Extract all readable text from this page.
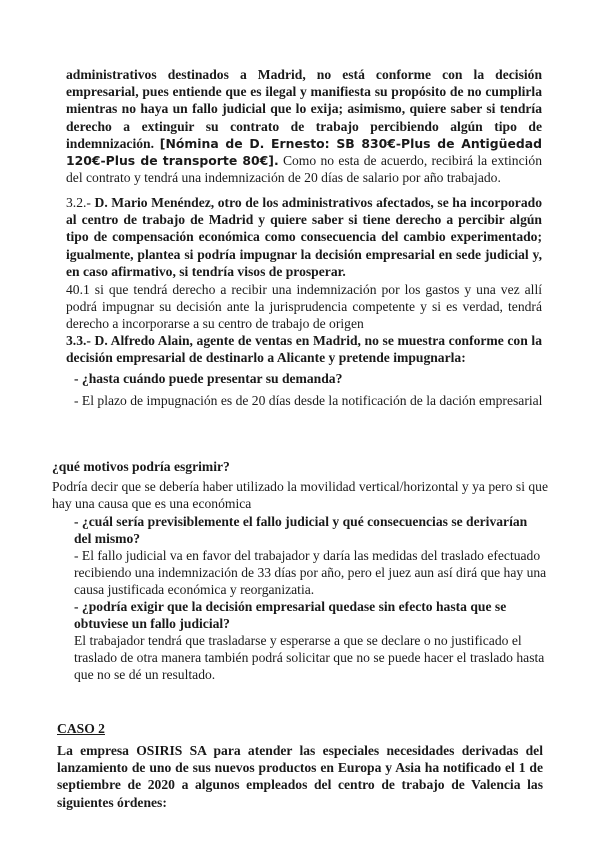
administrativos destinados a Madrid, no está conforme con la decisión empresarial, pues entiende que es ilegal y manifiesta su propósito de no cumplirla mientras no haya un fallo judicial que lo exija; asimismo, quiere saber si tendría derecho a extinguir su contrato de trabajo percibiendo algún tipo de indemnización. [Nómina de D. Ernesto: SB 830€-Plus de Antigüedad 120€-Plus de transporte 80€]. Como no esta de acuerdo, recibirá la extinción del contrato y tendrá una indemnización de 20 días de salario por año trabajado.

3.2.- D. Mario Menéndez, otro de los administrativos afectados, se ha incorporado al centro de trabajo de Madrid y quiere saber si tiene derecho a percibir algún tipo de compensación económica como consecuencia del cambio experimentado; igualmente, plantea si podría impugnar la decisión empresarial en sede judicial y, en caso afirmativo, si tendría visos de prosperar.

40.1 si que tendrá derecho a recibir una indemnización por los gastos y una vez allí podrá impugnar su decisión ante la jurisprudencia competente y si es verdad, tendrá derecho a incorporarse a su centro de trabajo de origen

3.3.- D. Alfredo Alain, agente de ventas en Madrid, no se muestra conforme con la decisión empresarial de destinarlo a Alicante y pretende impugnarla:

- ¿hasta cuándo puede presentar su demanda?

- El plazo de impugnación es de 20 días desde la notificación de la dación empresarial

¿qué motivos podría esgrimir?

Podría decir que se debería haber utilizado la movilidad vertical/horizontal y ya pero si que hay una causa que es una económica

- ¿cuál sería previsiblemente el fallo judicial y qué consecuencias se derivarían del mismo?

- El fallo judicial va en favor del trabajador y daría las medidas del traslado efectuado recibiendo una indemnización de 33 días por año, pero el juez aun así dirá que hay una causa justificada económica y reorganizatia.

- ¿podría exigir que la decisión empresarial quedase sin efecto hasta que se obtuviese un fallo judicial?

El trabajador tendrá que trasladarse y esperarse a que se declare o no justificado el traslado de otra manera también podrá solicitar que no se puede hacer el traslado hasta que no se dé un resultado.

CASO 2

La empresa OSIRIS SA para atender las especiales necesidades derivadas del lanzamiento de uno de sus nuevos productos en Europa y Asia ha notificado el 1 de septiembre de 2020 a algunos empleados del centro de trabajo de Valencia las siguientes órdenes:
